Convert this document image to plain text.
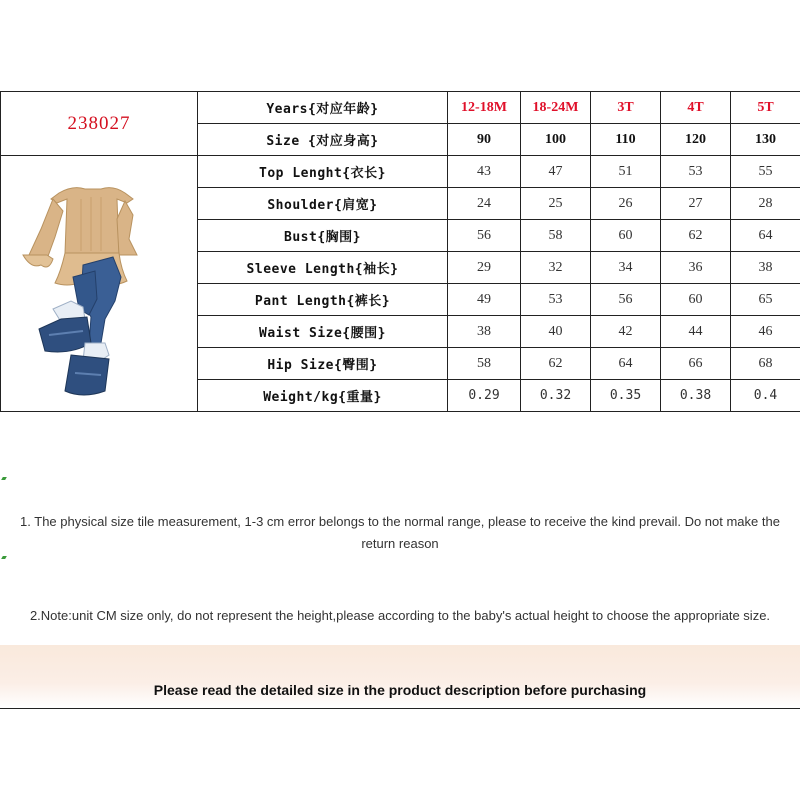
238027	Years{对应年龄}	12-18M	18-24M	3T	4T	5T
	Size {对应身高}	90	100	110	120	130

	Top Lenght{衣长}	43	47	51	53	55
	Shoulder{肩宽}	24	25	26	27	28
	Bust{胸围}	56	58	60	62	64
	Sleeve Length{袖长}	29	32	34	36	38
	Pant Length{裤长}	49	53	56	60	65
	Waist Size{腰围}	38	40	42	44	46
	Hip Size{臀围}	58	62	64	66	68
	Weight/kg{重量}	0.29	0.32	0.35	0.38	0.4
1. The physical size tile measurement, 1-3 cm error belongs to the normal range, please to receive the kind prevail. Do not make the return reason
2.Note:unit CM size only, do not represent the height,please according to the baby's actual height to choose the appropriate size.
Please read the detailed size in the product description before purchasing
